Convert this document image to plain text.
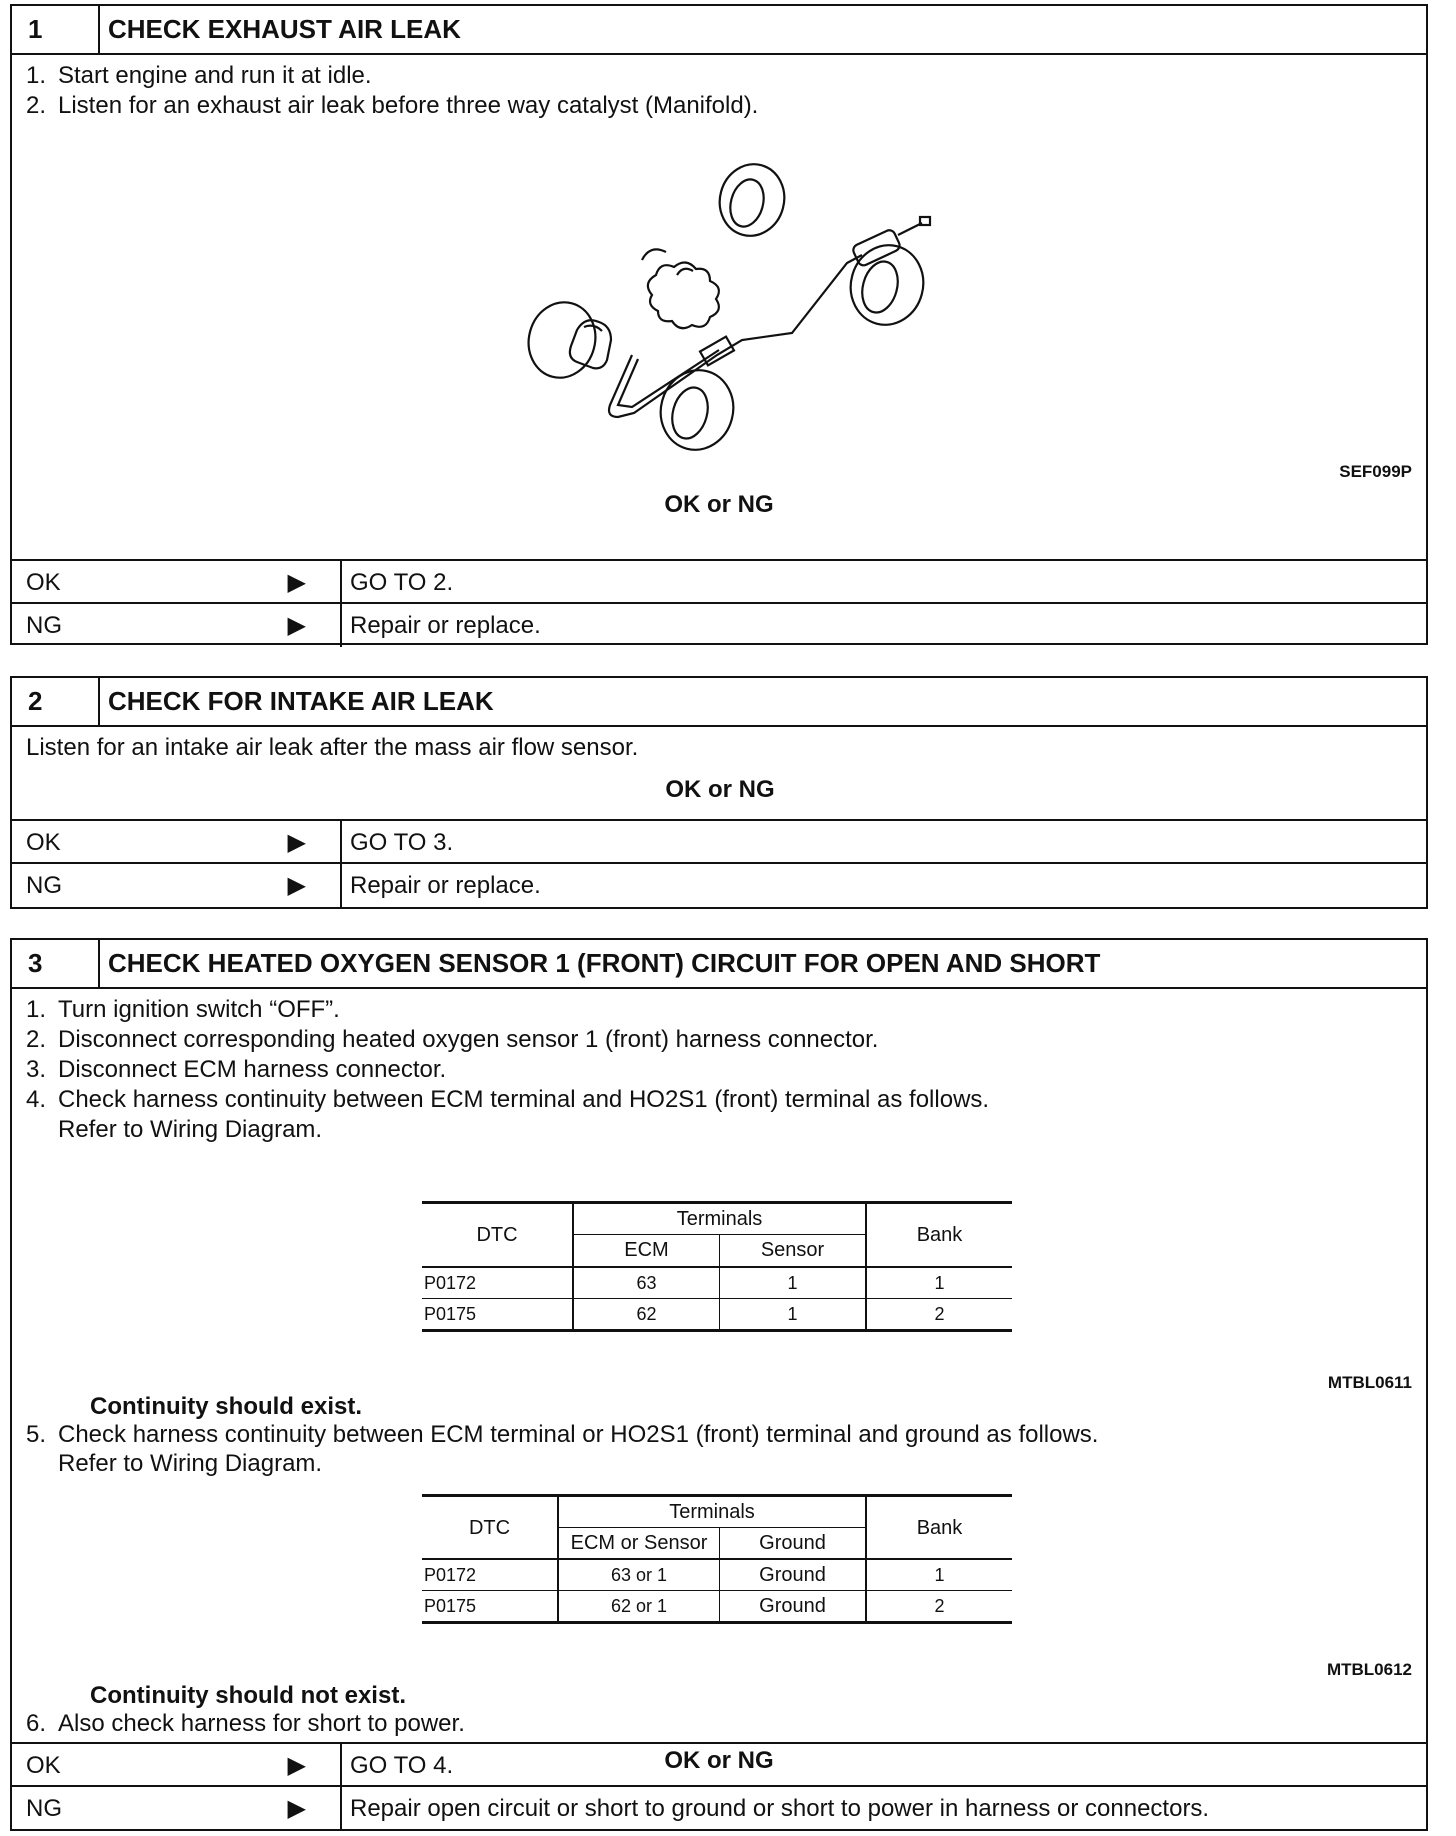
1	CHECK EXHAUST AIR LEAK
1. Start engine and run it at idle.
2. Listen for an exhaust air leak before three way catalyst (Manifold).
SEF099P
OK or NG
OK	▶	GO TO 2.
NG	▶	Repair or replace.
2	CHECK FOR INTAKE AIR LEAK
Listen for an intake air leak after the mass air flow sensor.
OK or NG
OK	▶	GO TO 3.
NG	▶	Repair or replace.
3	CHECK HEATED OXYGEN SENSOR 1 (FRONT) CIRCUIT FOR OPEN AND SHORT
1. Turn ignition switch “OFF”.
2. Disconnect corresponding heated oxygen sensor 1 (front) harness connector.
3. Disconnect ECM harness connector.
4. Check harness continuity between ECM terminal and HO2S1 (front) terminal as follows.
Refer to Wiring Diagram.
DTC	Terminals		Bank
	ECM	Sensor	
P0172	63	1	1
P0175	62	1	2
MTBL0611
Continuity should exist.
5. Check harness continuity between ECM terminal or HO2S1 (front) terminal and ground as follows.
Refer to Wiring Diagram.
DTC	Terminals		Bank
	ECM or Sensor	Ground	
P0172	63 or 1	Ground	1
P0175	62 or 1	Ground	2
MTBL0612
Continuity should not exist.
6. Also check harness for short to power.
OK or NG
OK	▶	GO TO 4.
NG	▶	Repair open circuit or short to ground or short to power in harness or connectors.
